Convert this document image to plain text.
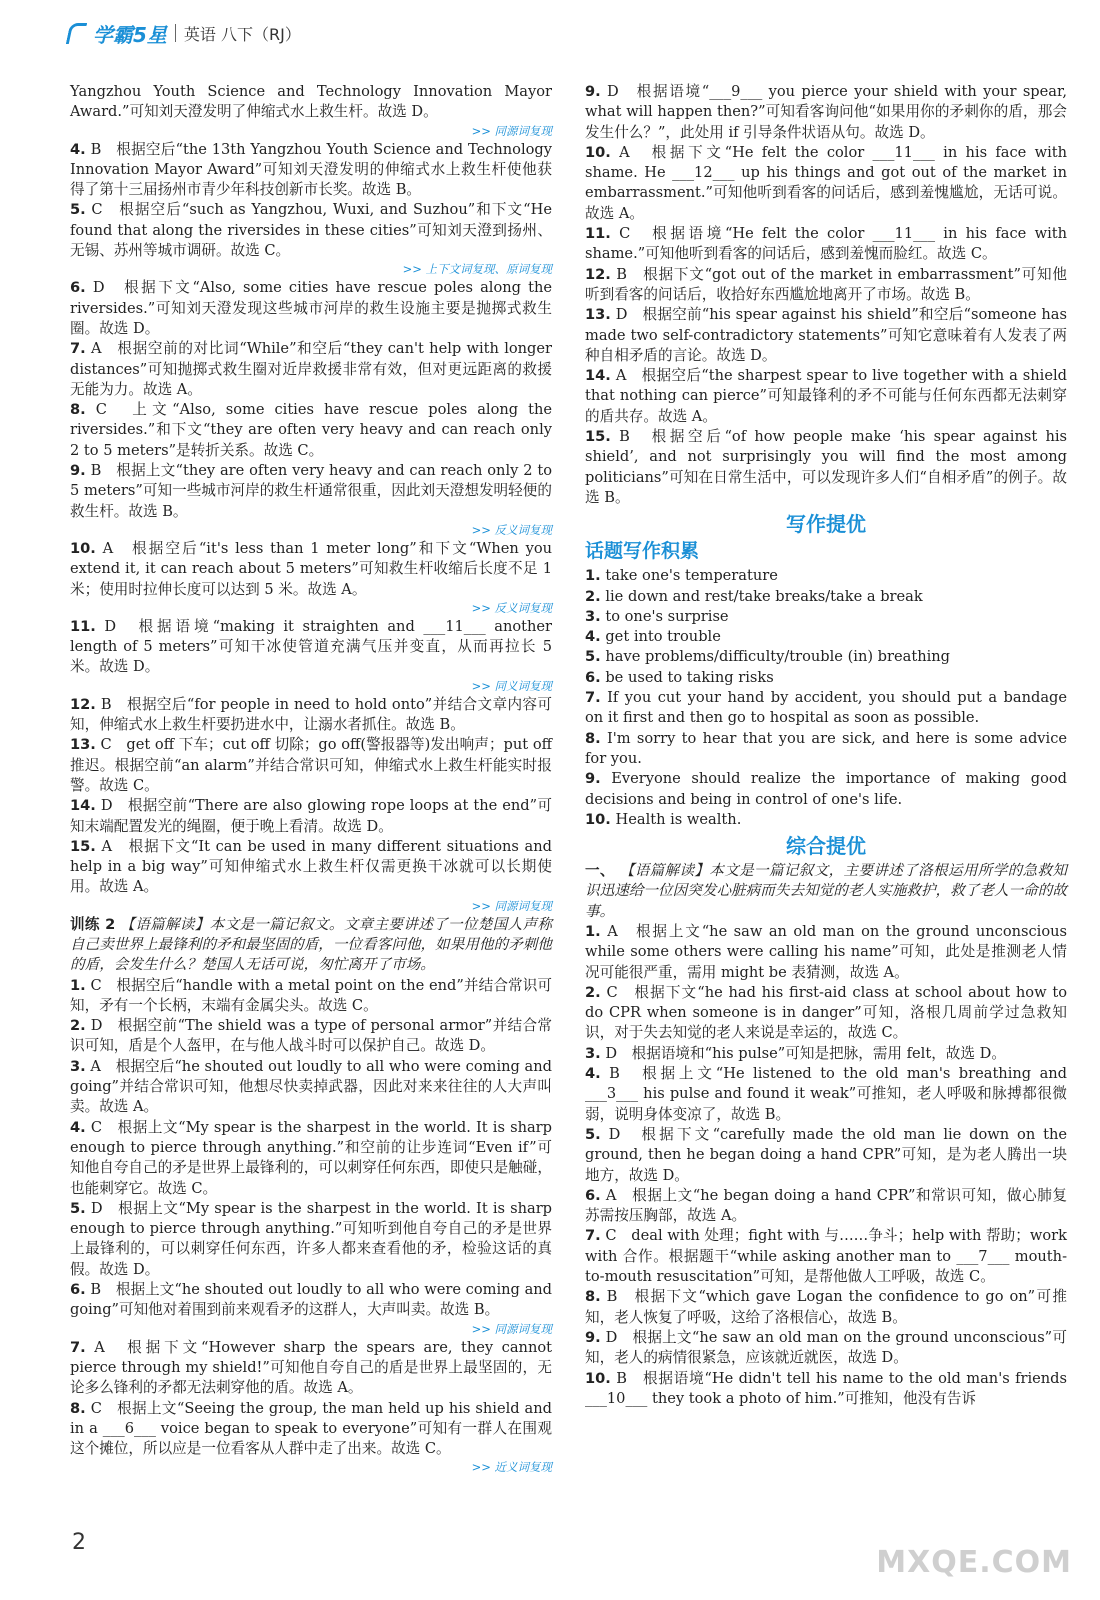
学霸5星 英语 八下（RJ）

Yangzhou Youth Science and Technology Innovation Mayor Award.”可知刘天澄发明了伸缩式水上救生杆。故选 D。

>> 同源词复现

4. B　根据空后“the 13th Yangzhou Youth Science and Technology Innovation Mayor Award”可知刘天澄发明的伸缩式水上救生杆使他获得了第十三届扬州市青少年科技创新市长奖。故选 B。

5. C　根据空后“such as Yangzhou, Wuxi, and Suzhou”和下文“He found that along the riversides in these cities”可知刘天澄到扬州、无锡、苏州等城市调研。故选 C。

>> 上下文词复现、原词复现

6. D　根据下文“Also, some cities have rescue poles along the riversides.”可知刘天澄发现这些城市河岸的救生设施主要是抛掷式救生圈。故选 D。

7. A　根据空前的对比词“While”和空后“they can't help with longer distances”可知抛掷式救生圈对近岸救援非常有效，但对更远距离的救援无能为力。故选 A。

8. C　上文“Also, some cities have rescue poles along the riversides.”和下文“they are often very heavy and can reach only 2 to 5 meters”是转折关系。故选 C。

9. B　根据上文“they are often very heavy and can reach only 2 to 5 meters”可知一些城市河岸的救生杆通常很重，因此刘天澄想发明轻便的救生杆。故选 B。

>> 反义词复现

10. A　根据空后“it's less than 1 meter long”和下文“When you extend it, it can reach about 5 meters”可知救生杆收缩后长度不足 1 米；使用时拉伸长度可以达到 5 米。故选 A。

>> 反义词复现

11. D　根据语境“making it straighten and ___11___ another length of 5 meters”可知干冰使管道充满气压并变直，从而再拉长 5 米。故选 D。

>> 同义词复现

12. B　根据空后“for people in need to hold onto”并结合文章内容可知，伸缩式水上救生杆要扔进水中，让溺水者抓住。故选 B。

13. C　get off 下车；cut off 切除；go off(警报器等)发出响声；put off 推迟。根据空前“an alarm”并结合常识可知，伸缩式水上救生杆能实时报警。故选 C。

14. D　根据空前“There are also glowing rope loops at the end”可知末端配置发光的绳圈，便于晚上看清。故选 D。

15. A　根据下文“It can be used in many different situations and help in a big way”可知伸缩式水上救生杆仅需更换干冰就可以长期使用。故选 A。

>> 同源词复现

训练 2 【语篇解读】本文是一篇记叙文。文章主要讲述了一位楚国人声称自己卖世界上最锋利的矛和最坚固的盾，一位看客问他，如果用他的矛刺他的盾，会发生什么？楚国人无话可说，匆忙离开了市场。

1. C　根据空后“handle with a metal point on the end”并结合常识可知，矛有一个长柄，末端有金属尖头。故选 C。

2. D　根据空前“The shield was a type of personal armor”并结合常识可知，盾是个人盔甲，在与他人战斗时可以保护自己。故选 D。

3. A　根据空后“he shouted out loudly to all who were coming and going”并结合常识可知，他想尽快卖掉武器，因此对来来往往的人大声叫卖。故选 A。

4. C　根据上文“My spear is the sharpest in the world. It is sharp enough to pierce through anything.”和空前的让步连词“Even if”可知他自夸自己的矛是世界上最锋利的，可以刺穿任何东西，即使只是触碰，也能刺穿它。故选 C。

5. D　根据上文“My spear is the sharpest in the world. It is sharp enough to pierce through anything.”可知听到他自夸自己的矛是世界上最锋利的，可以刺穿任何东西，许多人都来查看他的矛，检验这话的真假。故选 D。

6. B　根据上文“he shouted out loudly to all who were coming and going”可知他对着围到前来观看矛的这群人，大声叫卖。故选 B。

>> 同源词复现

7. A　根据下文“However sharp the spears are, they cannot pierce through my shield!”可知他自夸自己的盾是世界上最坚固的，无论多么锋利的矛都无法刺穿他的盾。故选 A。

8. C　根据上文“Seeing the group, the man held up his shield and in a ___6___ voice began to speak to everyone”可知有一群人在围观这个摊位，所以应是一位看客从人群中走了出来。故选 C。

>> 近义词复现

9. D　根据语境“___9___ you pierce your shield with your spear, what will happen then?”可知看客询问他“如果用你的矛刺你的盾，那会发生什么？”，此处用 if 引导条件状语从句。故选 D。

10. A　根据下文“He felt the color ___11___ in his face with shame. He ___12___ up his things and got out of the market in embarrassment.”可知他听到看客的问话后，感到羞愧尴尬，无话可说。故选 A。

11. C　根据语境“He felt the color ___11___ in his face with shame.”可知他听到看客的问话后，感到羞愧而脸红。故选 C。

12. B　根据下文“got out of the market in embarrassment”可知他听到看客的问话后，收拾好东西尴尬地离开了市场。故选 B。

13. D　根据空前“his spear against his shield”和空后“someone has made two self-contradictory statements”可知它意味着有人发表了两种自相矛盾的言论。故选 D。

14. A　根据空后“the sharpest spear to live together with a shield that nothing can pierce”可知最锋利的矛不可能与任何东西都无法刺穿的盾共存。故选 A。

15. B　根据空后“of how people make ‘his spear against his shield’, and not surprisingly you will find the most among politicians”可知在日常生活中，可以发现许多人们“自相矛盾”的例子。故选 B。

写作提优

话题写作积累

1. take one's temperature

2. lie down and rest/take breaks/take a break

3. to one's surprise

4. get into trouble

5. have problems/difficulty/trouble (in) breathing

6. be used to taking risks

7. If you cut your hand by accident, you should put a bandage on it first and then go to hospital as soon as possible.

8. I'm sorry to hear that you are sick, and here is some advice for you.

9. Everyone should realize the importance of making good decisions and being in control of one's life.

10. Health is wealth.

综合提优

一、 【语篇解读】本文是一篇记叙文，主要讲述了洛根运用所学的急救知识迅速给一位因突发心脏病而失去知觉的老人实施救护，救了老人一命的故事。

1. A　根据上文“he saw an old man on the ground unconscious while some others were calling his name”可知，此处是推测老人情况可能很严重，需用 might be 表猜测，故选 A。

2. C　根据下文“he had his first-aid class at school about how to do CPR when someone is in danger”可知，洛根几周前学过急救知识，对于失去知觉的老人来说是幸运的，故选 C。

3. D　根据语境和“his pulse”可知是把脉，需用 felt，故选 D。

4. B　根据上文“He listened to the old man's breathing and ___3___ his pulse and found it weak”可推知，老人呼吸和脉搏都很微弱，说明身体变凉了，故选 B。

5. D　根据下文“carefully made the old man lie down on the ground, then he began doing a hand CPR”可知，是为老人腾出一块地方，故选 D。

6. A　根据上文“he began doing a hand CPR”和常识可知，做心肺复苏需按压胸部，故选 A。

7. C　deal with 处理；fight with 与……争斗；help with 帮助；work with 合作。根据题干“while asking another man to ___7___ mouth-to-mouth resuscitation”可知，是帮他做人工呼吸，故选 C。

8. B　根据下文“which gave Logan the confidence to go on”可推知，老人恢复了呼吸，这给了洛根信心，故选 B。

9. D　根据上文“he saw an old man on the ground unconscious”可知，老人的病情很紧急，应该就近就医，故选 D。

10. B　根据语境“He didn't tell his name to the old man's friends ___10___ they took a photo of him.”可推知，他没有告诉

2
MXQE.COM
